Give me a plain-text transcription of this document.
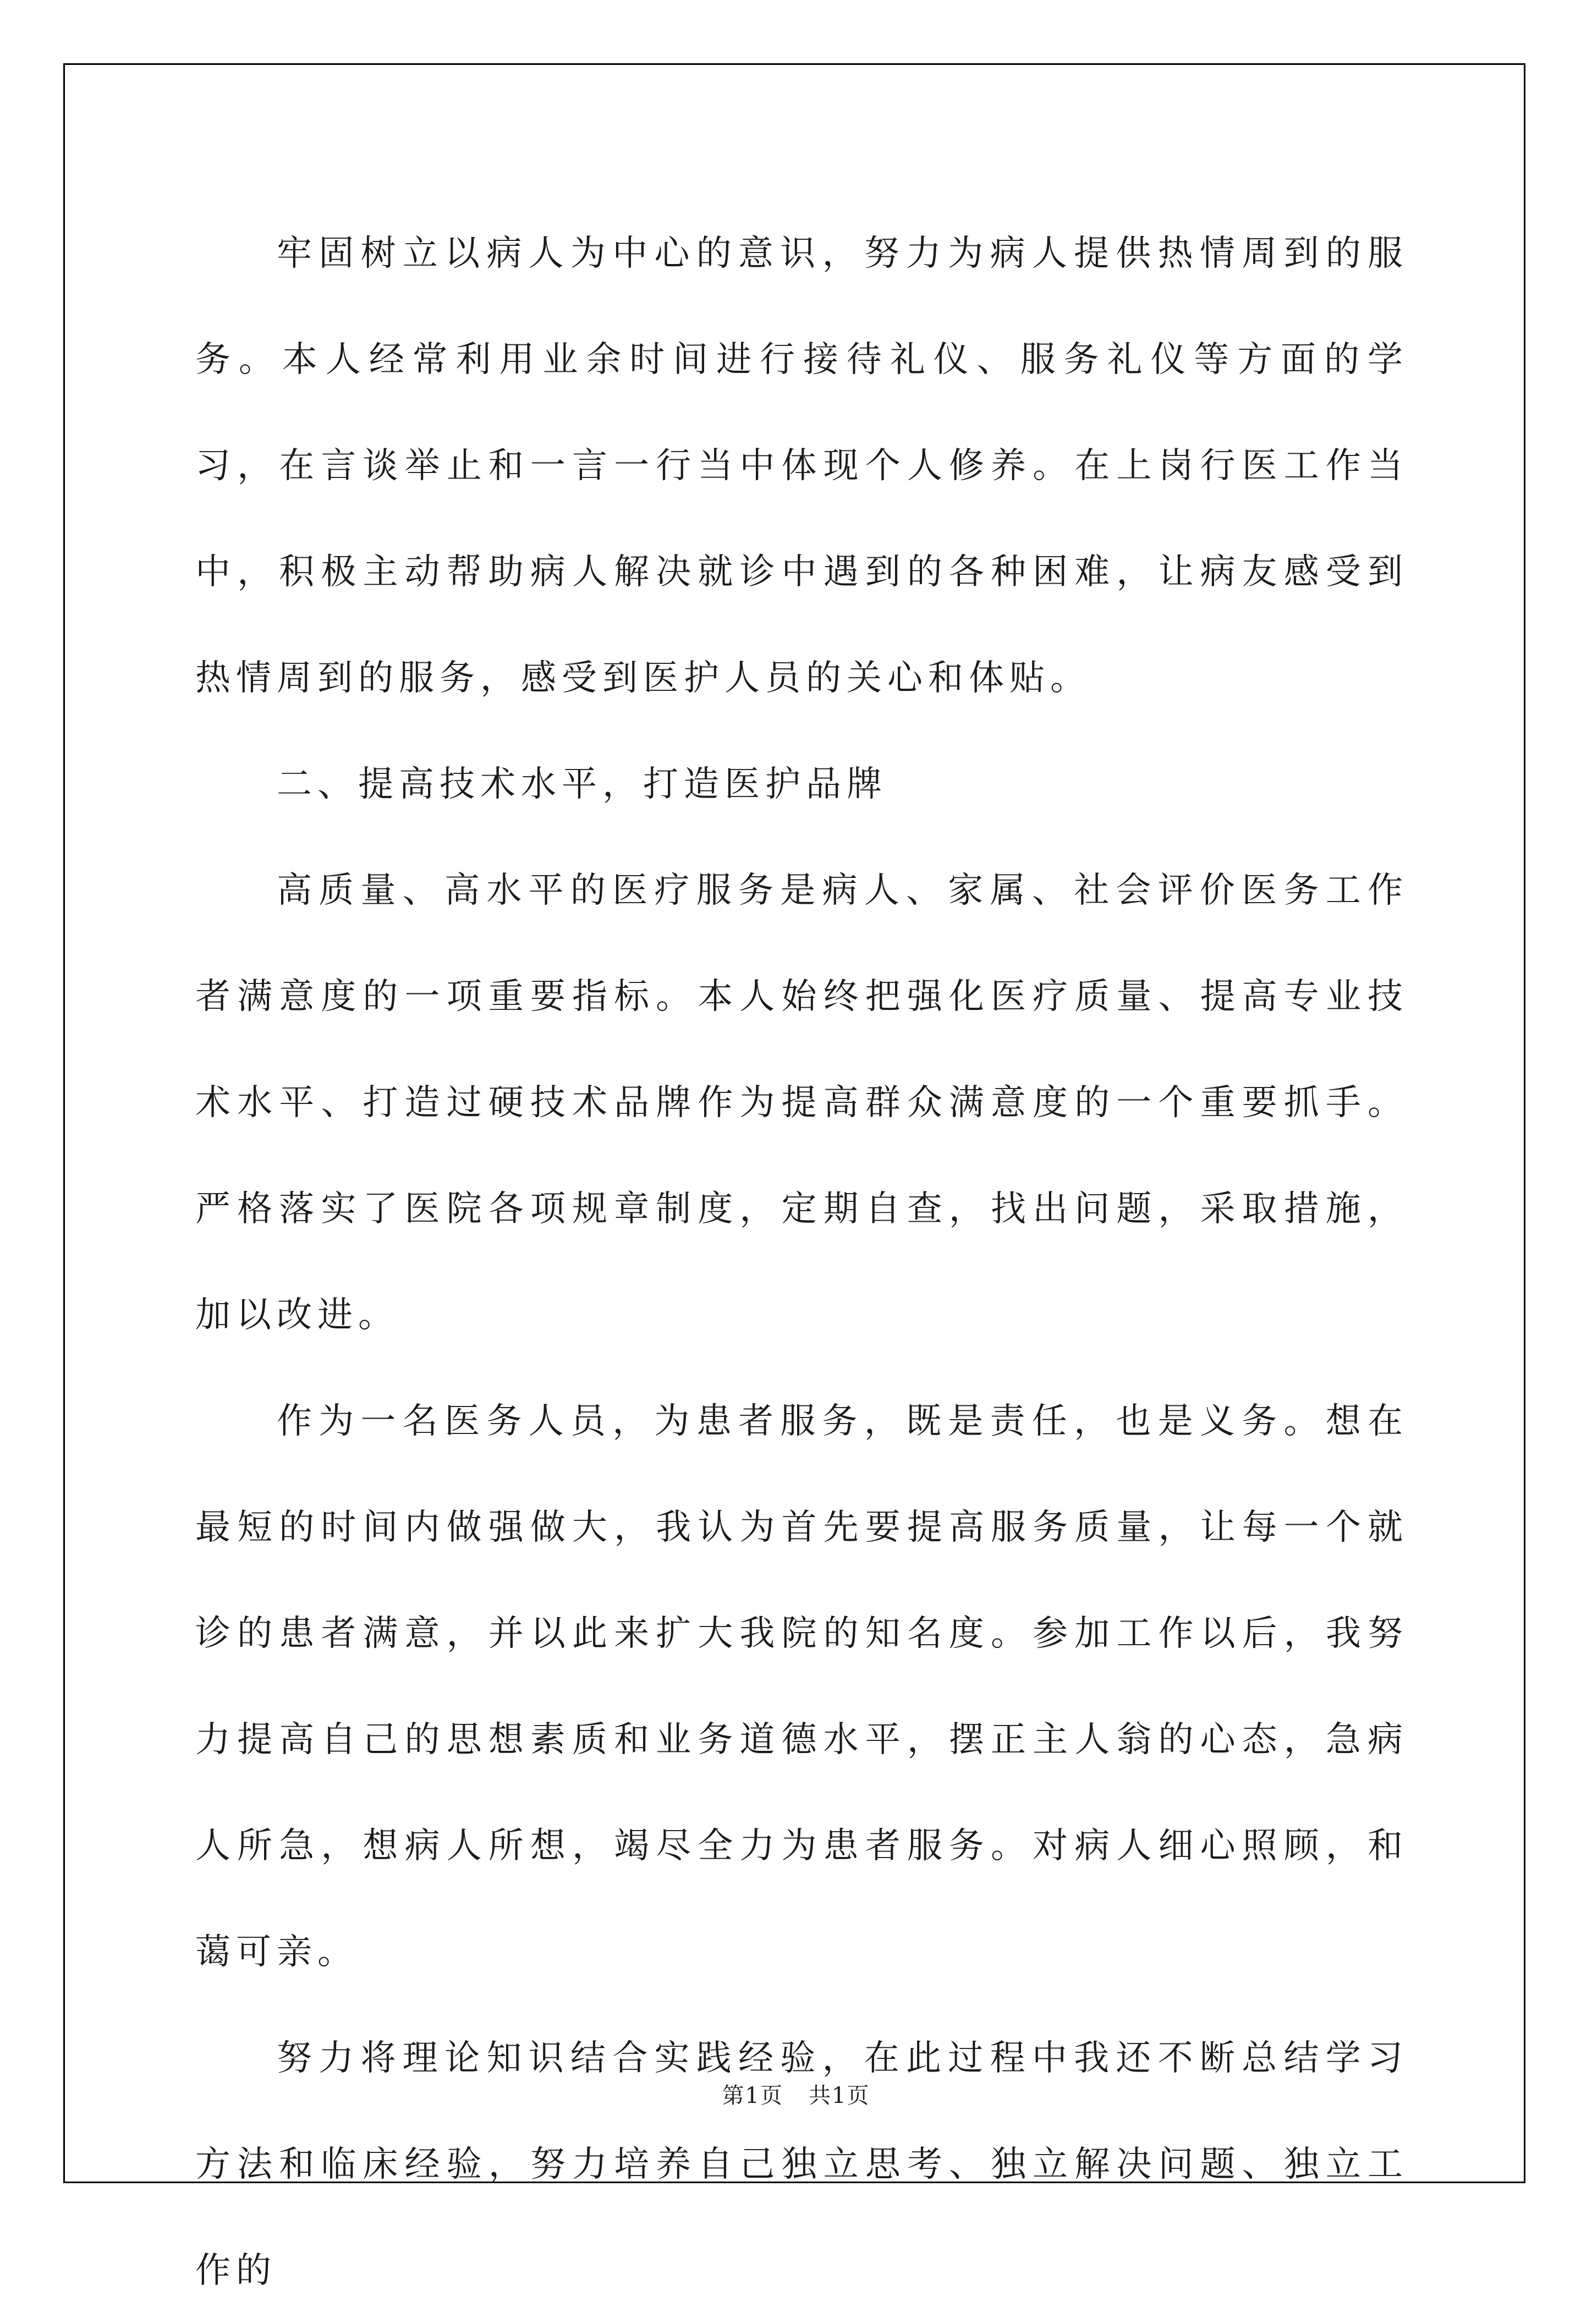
牢固树立以病人为中心的意识，努力为病人提供热情周到的服务。本人经常利用业余时间进行接待礼仪、服务礼仪等方面的学习，在言谈举止和一言一行当中体现个人修养。在上岗行医工作当中，积极主动帮助病人解决就诊中遇到的各种困难，让病友感受到热情周到的服务，感受到医护人员的关心和体贴。

二、提高技术水平，打造医护品牌

高质量、高水平的医疗服务是病人、家属、社会评价医务工作者满意度的一项重要指标。本人始终把强化医疗质量、提高专业技术水平、打造过硬技术品牌作为提高群众满意度的一个重要抓手。严格落实了医院各项规章制度，定期自查，找出问题，采取措施，加以改进。

作为一名医务人员，为患者服务，既是责任，也是义务。想在最短的时间内做强做大，我认为首先要提高服务质量，让每一个就诊的患者满意，并以此来扩大我院的知名度。参加工作以后，我努力提高自己的思想素质和业务道德水平，摆正主人翁的心态，急病人所急，想病人所想，竭尽全力为患者服务。对病人细心照顾，和蔼可亲。

努力将理论知识结合实践经验，在此过程中我还不断总结学习方法和临床经验，努力培养自己独立思考、独立解决问题、独立工作的

第1页 共1页
